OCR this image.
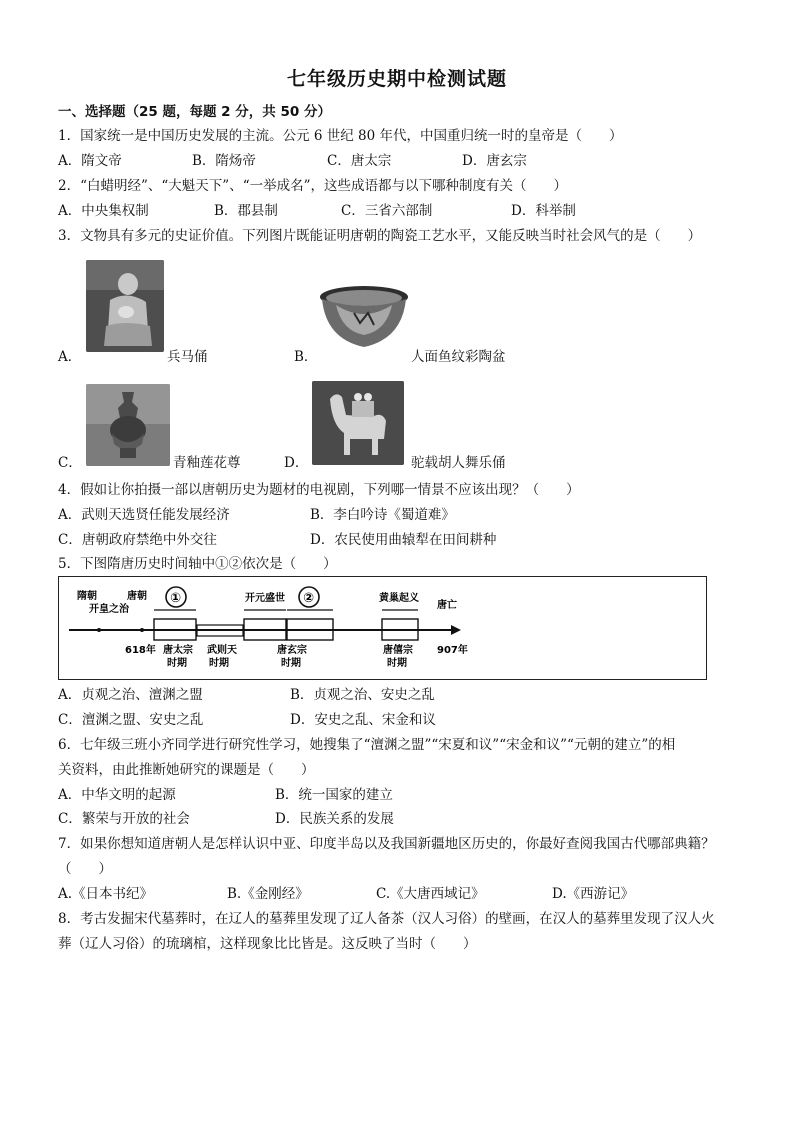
七年级历史期中检测试题
一、选择题（25 题，每题 2 分，共 50 分）
1．国家统一是中国历史发展的主流。公元 6 世纪 80 年代，中国重归统一时的皇帝是（　　）
A．隋文帝	B．隋炀帝	C．唐太宗	D．唐玄宗
2．“白蜡明经”、“大魁天下”、“一举成名”，这些成语都与以下哪种制度有关（　　）
A．中央集权制	B．郡县制	C．三省六部制	D．科举制
3．文物具有多元的史证价值。下列图片既能证明唐朝的陶瓷工艺水平，又能反映当时社会风气的是（　　）
A．	兵马俑	B．	人面鱼纹彩陶盆
C．	青釉莲花尊	D．	驼载胡人舞乐俑
4．假如让你拍摄一部以唐朝历史为题材的电视剧，下列哪一情景不应该出现？（　　）
A．武则天选贤任能发展经济	B．李白吟诗《蜀道难》
C．唐朝政府禁绝中外交往	D．农民使用曲辕犁在田间耕种
5．下图隋唐历史时间轴中①②依次是（　　）
隋朝
开皇之治
唐朝 ①	开元盛世 ②	黄巢起义
唐亡
618年 唐太宗
时期
武则天
时期
唐玄宗
时期
唐僖宗
时期
907年
A．贞观之治、澶渊之盟	B．贞观之治、安史之乱
C．澶渊之盟、安史之乱	D．安史之乱、宋金和议
6．七年级三班小齐同学进行研究性学习，她搜集了“澶渊之盟”“宋夏和议”“宋金和议”“元朝的建立”的相
关资料，由此推断她研究的课题是（　　）
A．中华文明的起源	B．统一国家的建立
C．繁荣与开放的社会	D．民族关系的发展
7．如果你想知道唐朝人是怎样认识中亚、印度半岛以及我国新疆地区历史的，你最好查阅我国古代哪部典籍？
（　　）
A.《日本书纪》	B.《金刚经》	C.《大唐西域记》	D.《西游记》
8．考古发掘宋代墓葬时，在辽人的墓葬里发现了辽人备茶（汉人习俗）的壁画，在汉人的墓葬里发现了汉人火
葬（辽人习俗）的琉璃棺，这样现象比比皆是。这反映了当时（　　）
